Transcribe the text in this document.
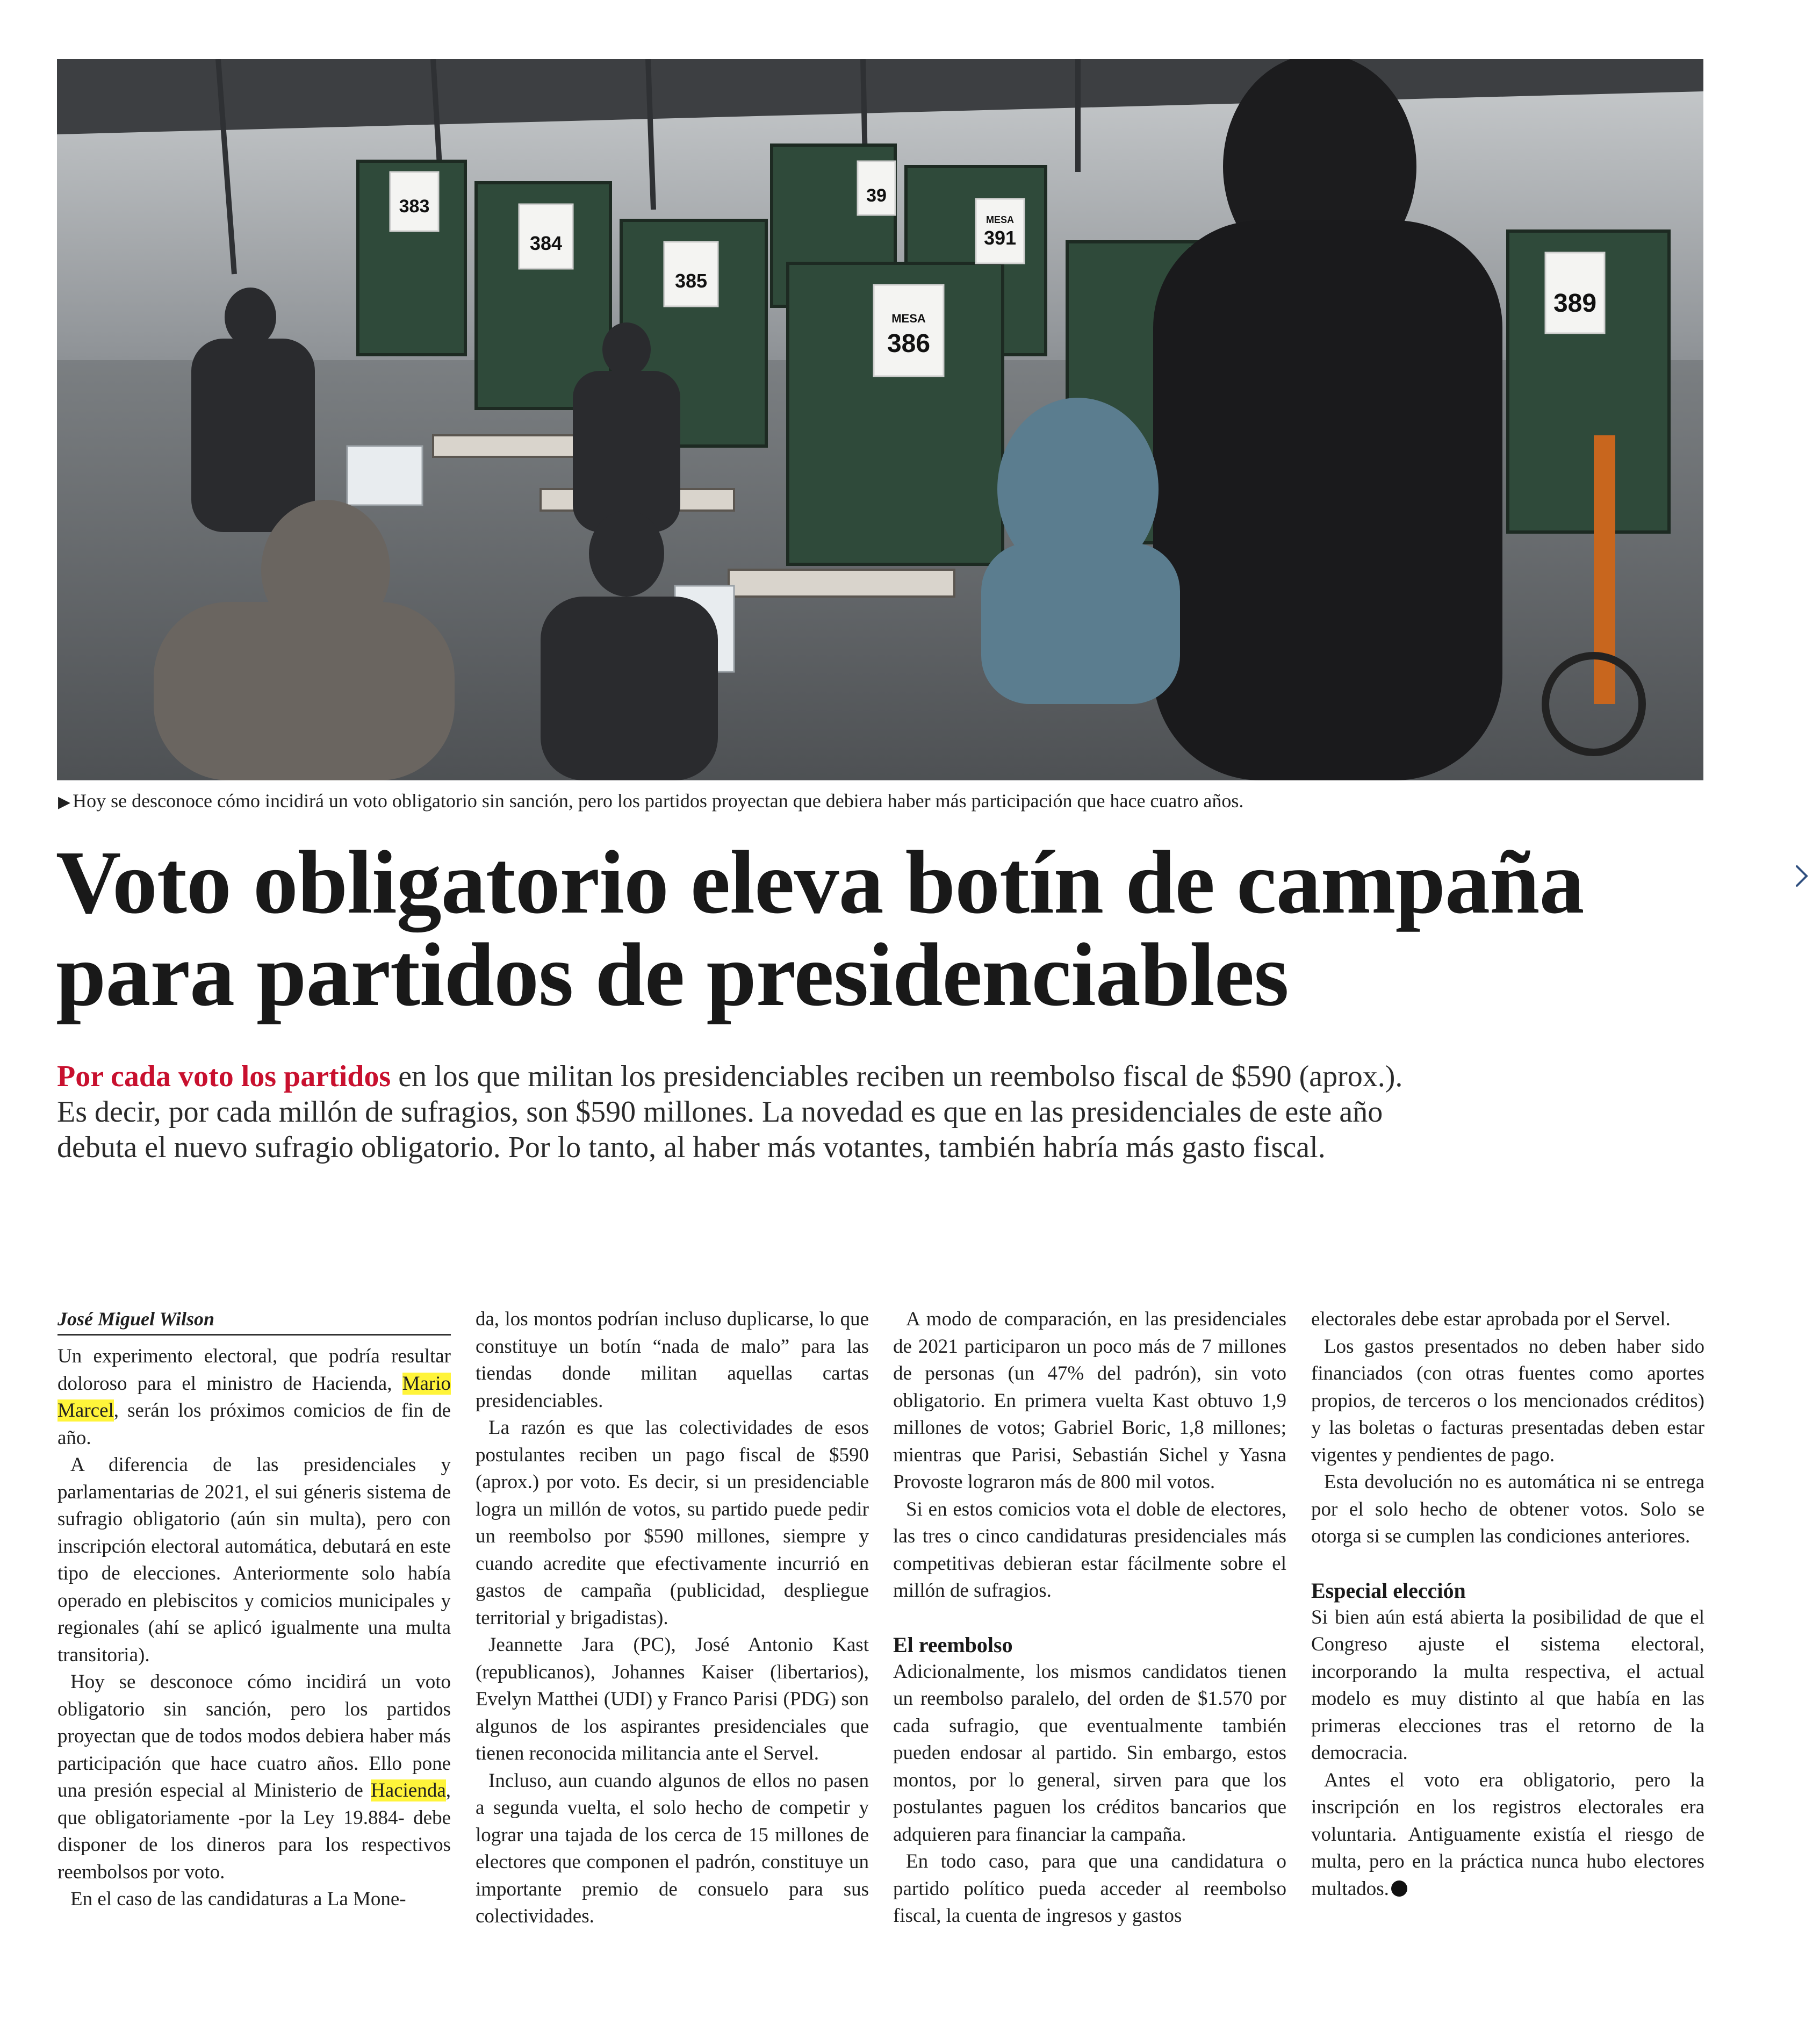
383
384
385
39
391
386
389
MESA
MESA
▶ Hoy se desconoce cómo incidirá un voto obligatorio sin sanción, pero los partidos proyectan que debiera haber más participación que hace cuatro años.
Voto obligatorio eleva botín de campaña
para partidos de presidenciables
Por cada voto los partidos en los que militan los presidenciables reciben un reembolso fiscal de $590 (aprox.).
Es decir, por cada millón de sufragios, son $590 millones. La novedad es que en las presidenciales de este año
debuta el nuevo sufragio obligatorio. Por lo tanto, al haber más votantes, también habría más gasto fiscal.
José Miguel Wilson

Un experimento electoral, que podría resultar doloroso para el ministro de Hacienda, Mario Marcel, serán los próximos comicios de fin de año.

A diferencia de las presidenciales y parlamentarias de 2021, el sui géneris sistema de sufragio obligatorio (aún sin multa), pero con inscripción electoral automática, debutará en este tipo de elecciones. Anteriormente solo había operado en plebiscitos y comicios municipales y regionales (ahí se aplicó igualmente una multa transitoria).

Hoy se desconoce cómo incidirá un voto obligatorio sin sanción, pero los partidos proyectan que de todos modos debiera haber más participación que hace cuatro años. Ello pone una presión especial al Ministerio de Hacienda, que obligatoriamente -por la Ley 19.884- debe disponer de los dineros para los respectivos reembolsos por voto.

En el caso de las candidaturas a La Mone-

da, los montos podrían incluso duplicarse, lo que constituye un botín “nada de malo” para las tiendas donde militan aquellas cartas presidenciables.

La razón es que las colectividades de esos postulantes reciben un pago fiscal de $590 (aprox.) por voto. Es decir, si un presidenciable logra un millón de votos, su partido puede pedir un reembolso por $590 millones, siempre y cuando acredite que efectivamente incurrió en gastos de campaña (publicidad, despliegue territorial y brigadistas).

Jeannette Jara (PC), José Antonio Kast (republicanos), Johannes Kaiser (libertarios), Evelyn Matthei (UDI) y Franco Parisi (PDG) son algunos de los aspirantes presidenciales que tienen reconocida militancia ante el Servel.

Incluso, aun cuando algunos de ellos no pasen a segunda vuelta, el solo hecho de competir y lograr una tajada de los cerca de 15 millones de electores que componen el padrón, constituye un importante premio de consuelo para sus colectividades.

A modo de comparación, en las presidenciales de 2021 participaron un poco más de 7 millones de personas (un 47% del padrón), sin voto obligatorio. En primera vuelta Kast obtuvo 1,9 millones de votos; Gabriel Boric, 1,8 millones; mientras que Parisi, Sebastián Sichel y Yasna Provoste lograron más de 800 mil votos.

Si en estos comicios vota el doble de electores, las tres o cinco candidaturas presidenciales más competitivas debieran estar fácilmente sobre el millón de sufragios.

El reembolso

Adicionalmente, los mismos candidatos tienen un reembolso paralelo, del orden de $1.570 por cada sufragio, que eventualmente también pueden endosar al partido. Sin embargo, estos montos, por lo general, sirven para que los postulantes paguen los créditos bancarios que adquieren para financiar la campaña.

En todo caso, para que una candidatura o partido político pueda acceder al reembolso fiscal, la cuenta de ingresos y gastos

electorales debe estar aprobada por el Servel.

Los gastos presentados no deben haber sido financiados (con otras fuentes como aportes propios, de terceros o los mencionados créditos) y las boletas o facturas presentadas deben estar vigentes y pendientes de pago.

Esta devolución no es automática ni se entrega por el solo hecho de obtener votos. Solo se otorga si se cumplen las condiciones anteriores.

Especial elección

Si bien aún está abierta la posibilidad de que el Congreso ajuste el sistema electoral, incorporando la multa respectiva, el actual modelo es muy distinto al que había en las primeras elecciones tras el retorno de la democracia.

Antes el voto era obligatorio, pero la inscripción en los registros electorales era voluntaria. Antiguamente existía el riesgo de multa, pero en la práctica nunca hubo electores multados.
